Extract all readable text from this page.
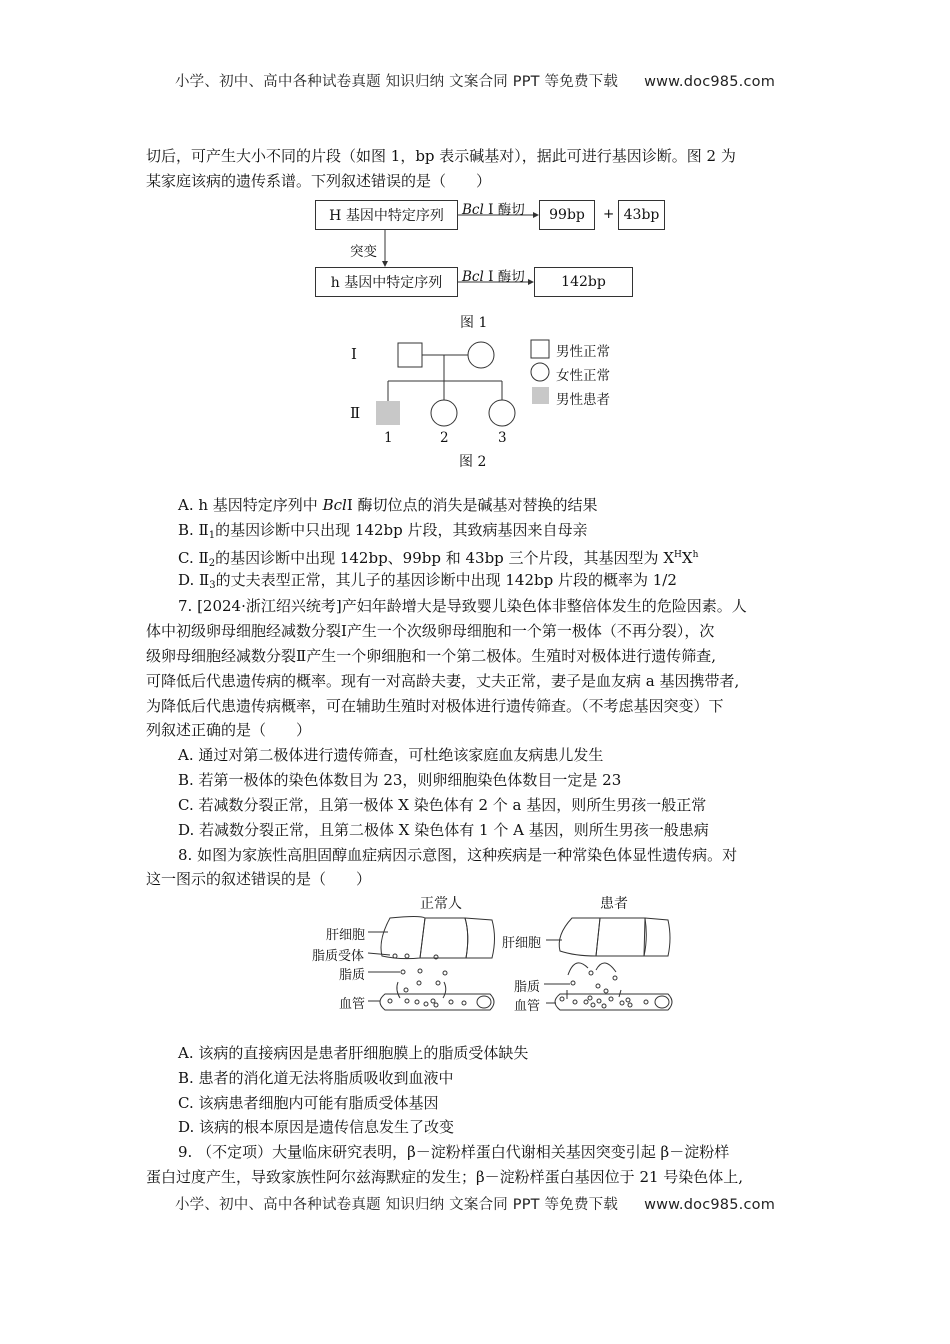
小学、初中、高中各种试卷真题 知识归纳 文案合同 PPT 等免费下载 www.doc985.com
切后，可产生大小不同的片段（如图 1，bp 表示碱基对），据此可进行基因诊断。图 2 为
某家庭该病的遗传系谱。下列叙述错误的是（　　）
H 基因中特定序列
h 基因中特定序列
Bcl I 酶切
Bcl I 酶切
突变
99bp	+ 43bp
142bp
图 1
Ⅰ
Ⅱ
1	2	3
男性正常
女性正常
男性患者
图 2
A. h 基因特定序列中 BclI 酶切位点的消失是碱基对替换的结果
B. $Ⅱ_1$的基因诊断中只出现 142bp 片段，其致病基因来自母亲
C. $Ⅱ_2$的基因诊断中出现 142bp、99bp 和 43bp 三个片段，其基因型为 $X^HX^h$
D. $Ⅱ_3$的丈夫表型正常，其儿子的基因诊断中出现 142bp 片段的概率为 1/2
7. [2024·浙江绍兴统考]产妇年龄增大是导致婴儿染色体非整倍体发生的危险因素。人
体中初级卵母细胞经减数分裂Ⅰ产生一个次级卵母细胞和一个第一极体（不再分裂），次
级卵母细胞经减数分裂Ⅱ产生一个卵细胞和一个第二极体。生殖时对极体进行遗传筛查,
可降低后代患遗传病的概率。现有一对高龄夫妻，丈夫正常，妻子是血友病 a 基因携带者,
为降低后代患遗传病概率，可在辅助生殖时对极体进行遗传筛查。（不考虑基因突变）下
列叙述正确的是（　　）
A. 通过对第二极体进行遗传筛查，可杜绝该家庭血友病患儿发生
B. 若第一极体的染色体数目为 23，则卵细胞染色体数目一定是 23
C. 若减数分裂正常，且第一极体 X 染色体有 2 个 a 基因，则所生男孩一般正常
D. 若减数分裂正常，且第二极体 X 染色体有 1 个 A 基因，则所生男孩一般患病
8. 如图为家族性高胆固醇血症病因示意图，这种疾病是一种常染色体显性遗传病。对
这一图示的叙述错误的是（　　）
正常人	患者
肝细胞
脂质受体
脂质
血管
肝细胞
脂质
血管
A. 该病的直接病因是患者肝细胞膜上的脂质受体缺失
B. 患者的消化道无法将脂质吸收到血液中
C. 该病患者细胞内可能有脂质受体基因
D. 该病的根本原因是遗传信息发生了改变
9. （不定项）大量临床研究表明，β－淀粉样蛋白代谢相关基因突变引起 β－淀粉样
蛋白过度产生，导致家族性阿尔兹海默症的发生；β－淀粉样蛋白基因位于 21 号染色体上,
小学、初中、高中各种试卷真题 知识归纳 文案合同 PPT 等免费下载 www.doc985.com
